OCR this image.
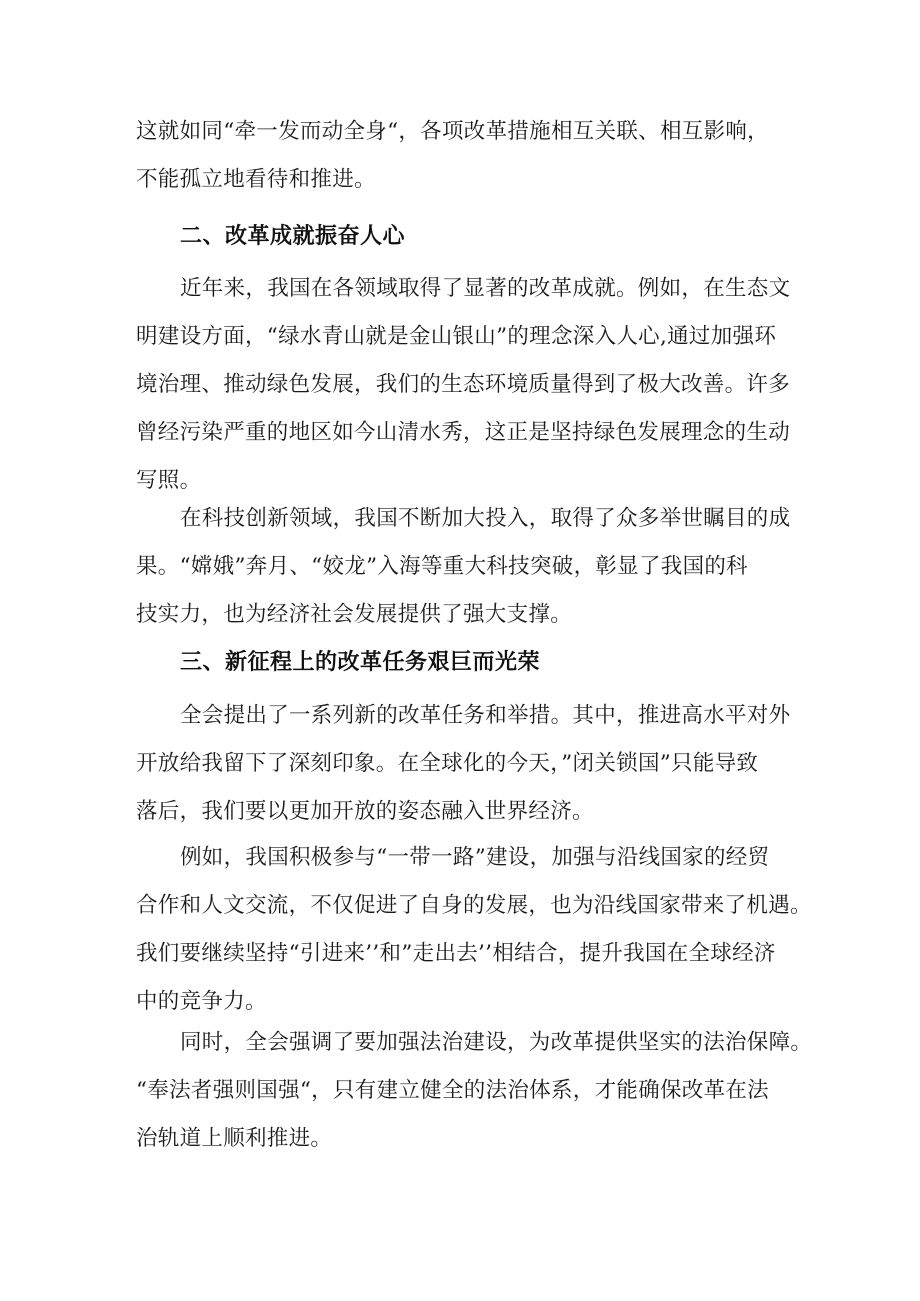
这就如同“牵一发而动全身“，各项改革措施相互关联、相互影响，
不能孤立地看待和推进。
二、改革成就振奋人心
近年来，我国在各领域取得了显著的改革成就。例如，在生态文
明建设方面，“绿水青山就是金山银山”的理念深入人心,通过加强环
境治理、推动绿色发展，我们的生态环境质量得到了极大改善。许多
曾经污染严重的地区如今山清水秀，这正是坚持绿色发展理念的生动
写照。
在科技创新领域，我国不断加大投入，取得了众多举世瞩目的成
果。“嫦娥”奔月、“姣龙”入海等重大科技突破，彰显了我国的科
技实力，也为经济社会发展提供了强大支撑。
三、新征程上的改革任务艰巨而光荣
全会提出了一系列新的改革任务和举措。其中，推进高水平对外
开放给我留下了深刻印象。在全球化的今天，”闭关锁国”只能导致
落后，我们要以更加开放的姿态融入世界经济。
例如，我国积极参与“一带一路”建设，加强与沿线国家的经贸
合作和人文交流，不仅促进了自身的发展，也为沿线国家带来了机遇。
我们要继续坚持“引进来’’和”走出去’’相结合，提升我国在全球经济
中的竞争力。
同时，全会强调了要加强法治建设，为改革提供坚实的法治保障。
“奉法者强则国强“，只有建立健全的法治体系，才能确保改革在法
治轨道上顺利推进。
